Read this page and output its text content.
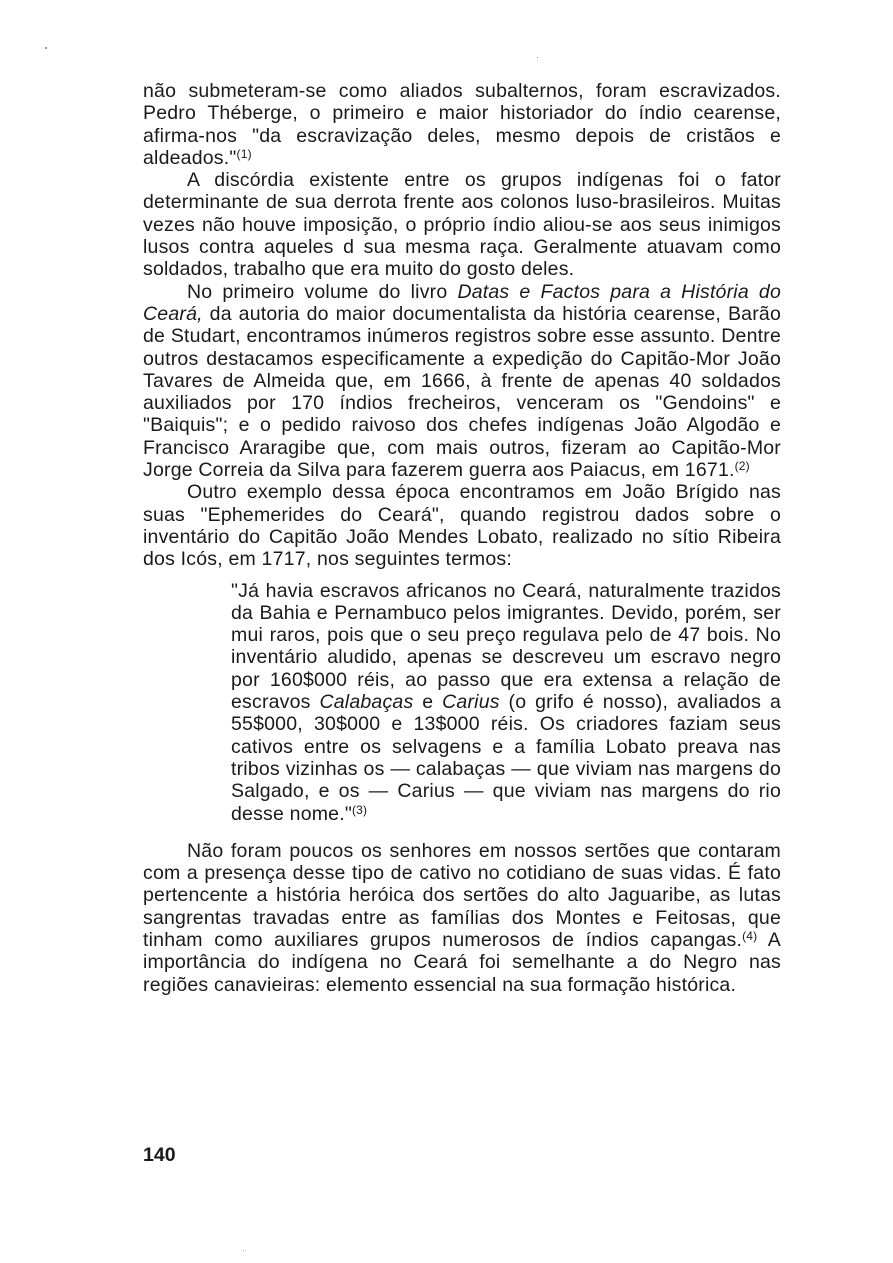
não submeteram-se como aliados subalternos, foram escravizados. Pedro Théberge, o primeiro e maior historiador do índio cearense, afirma-nos "da escravização deles, mesmo depois de cristãos e aldeados."$^{(1)}$

A discórdia existente entre os grupos indígenas foi o fator determinante de sua derrota frente aos colonos luso-brasileiros. Muitas vezes não houve imposição, o próprio índio aliou-se aos seus inimigos lusos contra aqueles d sua mesma raça. Geralmente atuavam como soldados, trabalho que era muito do gosto deles.

No primeiro volume do livro Datas e Factos para a História do Ceará, da autoria do maior documentalista da história cearense, Barão de Studart, encontramos inúmeros registros sobre esse assunto. Dentre outros destacamos especificamente a expedição do Capitão-Mor João Tavares de Almeida que, em 1666, à frente de apenas 40 soldados auxiliados por 170 índios frecheiros, venceram os "Gendoins" e "Baiquis"; e o pedido raivoso dos chefes indígenas João Algodão e Francisco Araragibe que, com mais outros, fizeram ao Capitão-Mor Jorge Correia da Silva para fazerem guerra aos Paiacus, em 1671.$^{(2)}$

Outro exemplo dessa época encontramos em João Brígido nas suas "Ephemerides do Ceará", quando registrou dados sobre o inventário do Capitão João Mendes Lobato, realizado no sítio Ribeira dos Icós, em 1717, nos seguintes termos:

"Já havia escravos africanos no Ceará, naturalmente trazidos da Bahia e Pernambuco pelos imigrantes. Devido, porém, ser mui raros, pois que o seu preço regulava pelo de 47 bois. No inventário aludido, apenas se descreveu um escravo negro por 160$000 réis, ao passo que era extensa a relação de escravos Calabaças e Carius (o grifo é nosso), avaliados a 55$000, 30$000 e 13$000 réis. Os criadores faziam seus cativos entre os selvagens e a família Lobato preava nas tribos vizinhas os — calabaças — que viviam nas margens do Salgado, e os — Carius — que viviam nas margens do rio desse nome."$^{(3)}$

Não foram poucos os senhores em nossos sertões que contaram com a presença desse tipo de cativo no cotidiano de suas vidas. É fato pertencente a história heróica dos sertões do alto Jaguaribe, as lutas sangrentas travadas entre as famílias dos Montes e Feitosas, que tinham como auxiliares grupos numerosos de índios capangas.$^{(4)}$ A importância do indígena no Ceará foi semelhante a do Negro nas regiões canavieiras: elemento essencial na sua formação histórica.

140
